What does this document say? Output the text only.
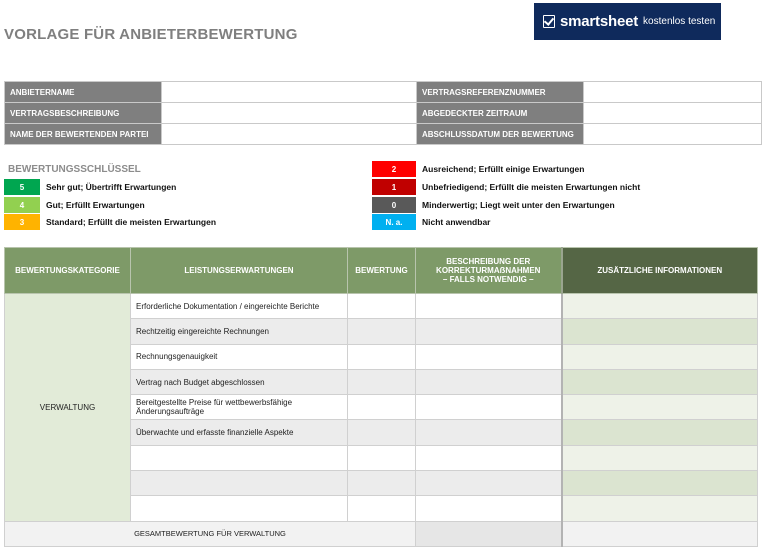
VORLAGE FÜR ANBIETERBEWERTUNG
smartsheet kostenlos testen
ANBIETERNAME		VERTRAGSREFERENZNUMMER	
VERTRAGSBESCHREIBUNG		ABGEDECKTER ZEITRAUM	
NAME DER BEWERTENDEN PARTEI		ABSCHLUSSDATUM DER BEWERTUNG	
BEWERTUNGSSCHLÜSSEL
5	Sehr gut; Übertrifft Erwartungen
4	Gut; Erfüllt Erwartungen
3	Standard; Erfüllt die meisten Erwartungen
2	Ausreichend; Erfüllt einige Erwartungen
1	Unbefriedigend; Erfüllt die meisten Erwartungen nicht
0	Minderwertig; Liegt weit unter den Erwartungen
N. a.	Nicht anwendbar
BEWERTUNGSKATEGORIE	LEISTUNGSERWARTUNGEN	BEWERTUNG	BESCHREIBUNG DER
KORREKTURMAẞNAHMEN
– FALLS NOTWENDIG –	ZUSÄTZLICHE INFORMATIONEN
VERWALTUNG	Erforderliche Dokumentation / eingereichte Berichte			
	Rechtzeitig eingereichte Rechnungen			
	Rechnungsgenauigkeit			
	Vertrag nach Budget abgeschlossen			
	Bereitgestellte Preise für wettbewerbsfähige Änderungsaufträge			
	Überwachte und erfasste finanzielle Aspekte			

GESAMTBEWERTUNG FÜR VERWALTUNG				
